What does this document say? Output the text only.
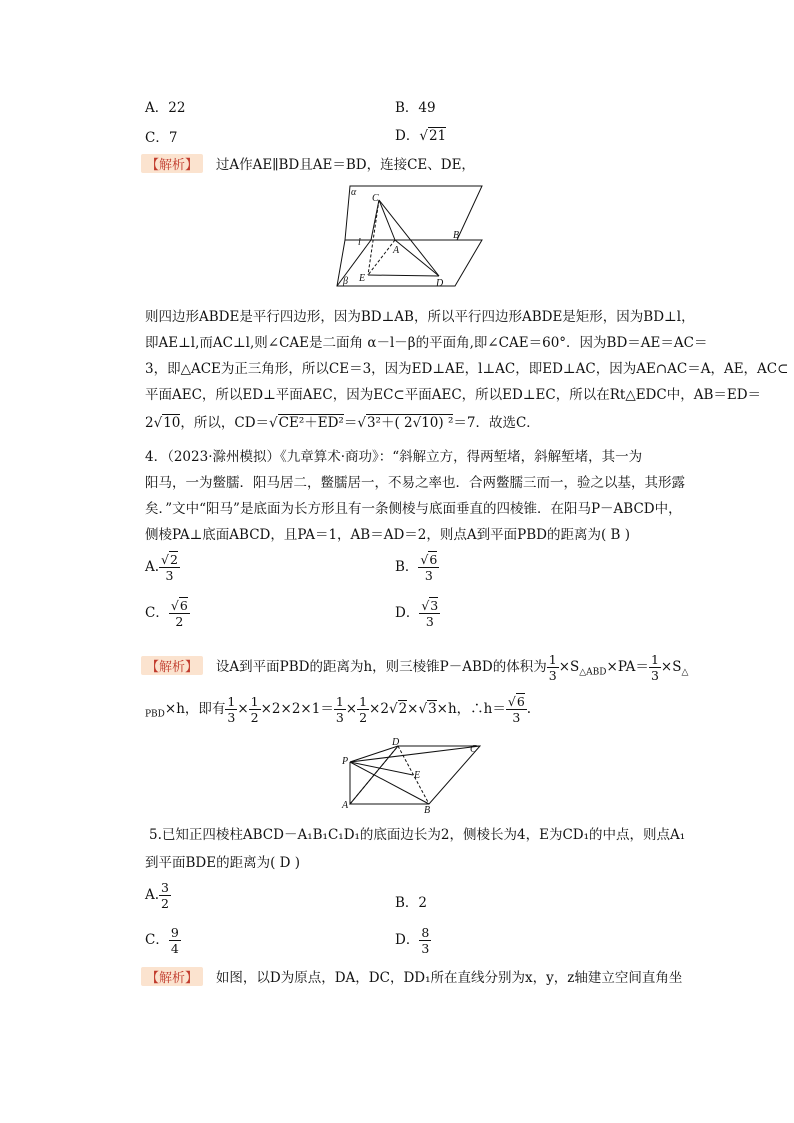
A．22	B．49
C．7	D．√21
【解析】 过A作AE∥BD且AE＝BD，连接CE、DE，
α
C
l
A
B
E	D
β
则四边形ABDE是平行四边形，因为BD⊥AB，所以平行四边形ABDE是矩形，因为BD⊥l，
即AE⊥l,而AC⊥l,则∠CAE是二面角 α－l－β的平面角,即∠CAE＝60°．因为BD＝AE＝AC＝
3，即△ACE为正三角形，所以CE＝3，因为ED⊥AE，l⊥AC，即ED⊥AC，因为AE∩AC＝A，AE，AC⊂
平面AEC，所以ED⊥平面AEC，因为EC⊂平面AEC，所以ED⊥EC，所以在Rt△EDC中，AB＝ED＝
2√10，所以，CD＝√CE²＋ED²＝√3²＋( 2√10) ²＝7．故选C．
4．（2023·滁州模拟）《九章算术·商功》：“斜解立方，得两堑堵，斜解堑堵，其一为
阳马，一为鳖臑．阳马居二，鳖臑居一，不易之率也．合两鳖臑三而一，验之以基，其形露
矣．”文中“阳马”是底面为长方形且有一条侧棱与底面垂直的四棱锥．在阳马P－ABCD中，
侧棱PA⊥底面ABCD，且PA＝1，AB＝AD＝2，则点A到平面PBD的距离为( B )
A. $\frac{√2}{3}$	B． $\frac{√6}{3}$
C． $\frac{√6}{2}$	D． $\frac{√3}{3}$
【解析】 设A到平面PBD的距离为h，则三棱锥P－ABD的体积为 $\frac{1}{3} \times S_{\triangle ABD}\times PA= \frac{1}{3} \times S_\triangle$
$_{PBD}$×h，即有 $\frac{1}{3} \times \frac{1}{2} \times 2\times 2\times 1= \frac{1}{3} \times \frac{1}{2} \times 2√2\times√3\times h$，∴h＝ $\frac{√6}{3}$ .
D
C
P
E
A	B
5.已知正四棱柱ABCD－A₁B₁C₁D₁的底面边长为2，侧棱长为4，E为CD₁的中点，则点A₁
到平面BDE的距离为( D )
A. $\frac{3}{2}$	B．2
C． $\frac{9}{4}$	D． $\frac{8}{3}$
【解析】 如图，以D为原点，DA，DC，DD₁所在直线分别为x，y，z轴建立空间直角坐
